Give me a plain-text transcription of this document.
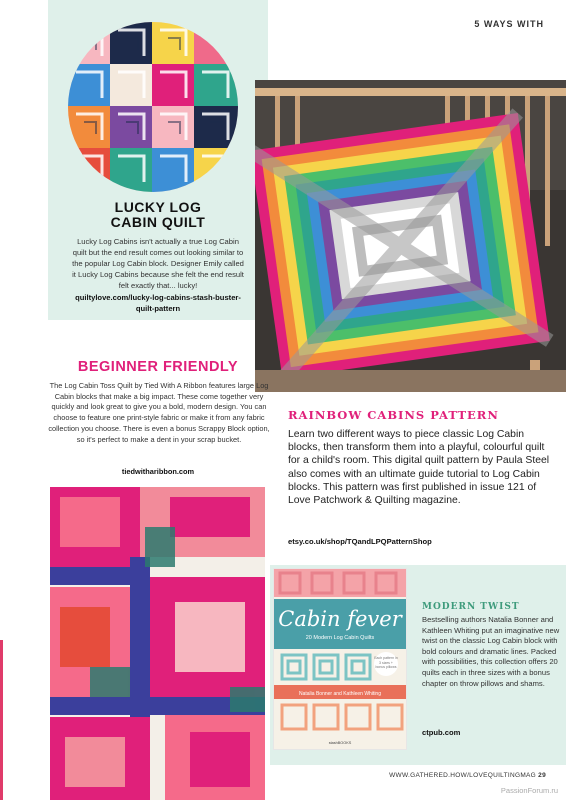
5 WAYS WITH
LUCKY LOG
CABIN QUILT
Lucky Log Cabins isn't actually a true Log Cabin quilt but the end result comes out looking similar to the popular Log Cabin block. Designer Emily called it Lucky Log Cabins because she felt the end result felt exactly that... lucky!
quiltylove.com/lucky-log-cabins-stash-buster-quilt-pattern
BEGINNER FRIENDLY
The Log Cabin Toss Quilt by Tied With A Ribbon features large Log Cabin blocks that make a big impact. These come together very quickly and look great to give you a bold, modern design. You can choose to feature one print-style fabric or make it from any fabric collection you choose. There is even a bonus Scrappy Block option, so it's perfect to make a dent in your scrap bucket.
tiedwitharibbon.com
RAINBOW CABINS PATTERN
Learn two different ways to piece classic Log Cabin blocks, then transform them into a playful, colourful quilt for a child's room. This digital quilt pattern by Paula Steel also comes with an ultimate guide tutorial to Log Cabin blocks. This pattern was first published in issue 121 of Love Patchwork & Quilting magazine.
etsy.co.uk/shop/TQandLPQPatternShop
Cabin fever
20 Modern Log Cabin Quilts
Each pattern in 3 sizes + bonus pillows
Natalia Bonner and Kathleen Whiting
stashBOOKS
MODERN TWIST
Bestselling authors Natalia Bonner and Kathleen Whiting put an imaginative new twist on the classic Log Cabin block with bold colours and dramatic lines. Packed with possibilities, this collection offers 20 quilts each in three sizes with a bonus chapter on throw pillows and shams.
ctpub.com
WWW.GATHERED.HOW/LOVEQUILTINGMAG 29
PassionForum.ru
